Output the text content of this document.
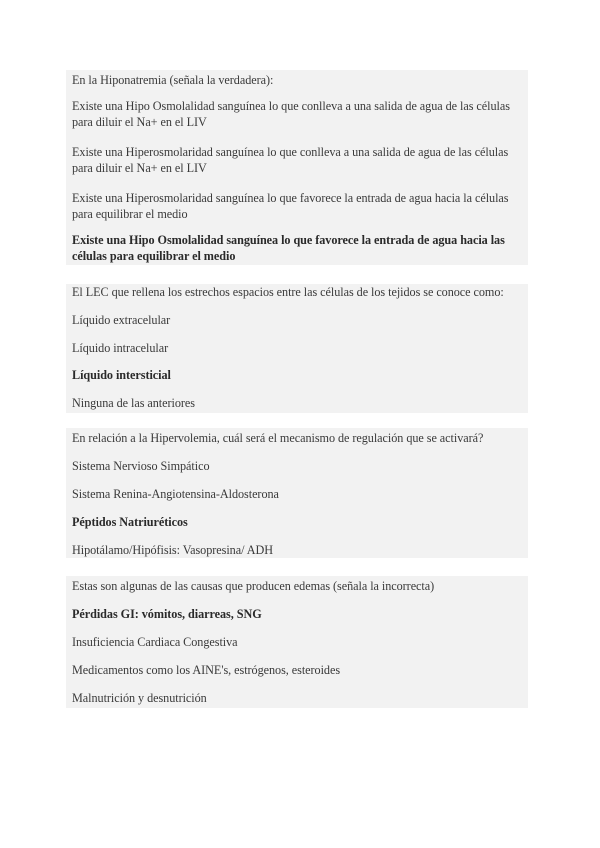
En la Hiponatremia (señala la verdadera):

Existe una Hipo Osmolalidad sanguínea lo que conlleva a una salida de agua de las células para diluir el Na+ en el LIV

Existe una Hiperosmolaridad sanguínea lo que conlleva a una salida de agua de las células para diluir el Na+ en el LIV

Existe una Hiperosmolaridad sanguínea lo que favorece la entrada de agua hacia la células para equilibrar el medio

Existe una Hipo Osmolalidad sanguínea lo que favorece la entrada de agua hacia las células para equilibrar el medio

El LEC que rellena los estrechos espacios entre las células de los tejidos se conoce como:

Líquido extracelular

Líquido intracelular

Líquido intersticial

Ninguna de las anteriores

En relación a la Hipervolemia, cuál será el mecanismo de regulación que se activará?

Sistema Nervioso Simpático

Sistema Renina-Angiotensina-Aldosterona

Péptidos Natriuréticos

Hipotálamo/Hipófisis: Vasopresina/ ADH

Estas son algunas de las causas que producen edemas (señala la incorrecta)

Pérdidas GI: vómitos, diarreas, SNG

Insuficiencia Cardiaca Congestiva

Medicamentos como los AINE's, estrógenos, esteroides

Malnutrición y desnutrición
